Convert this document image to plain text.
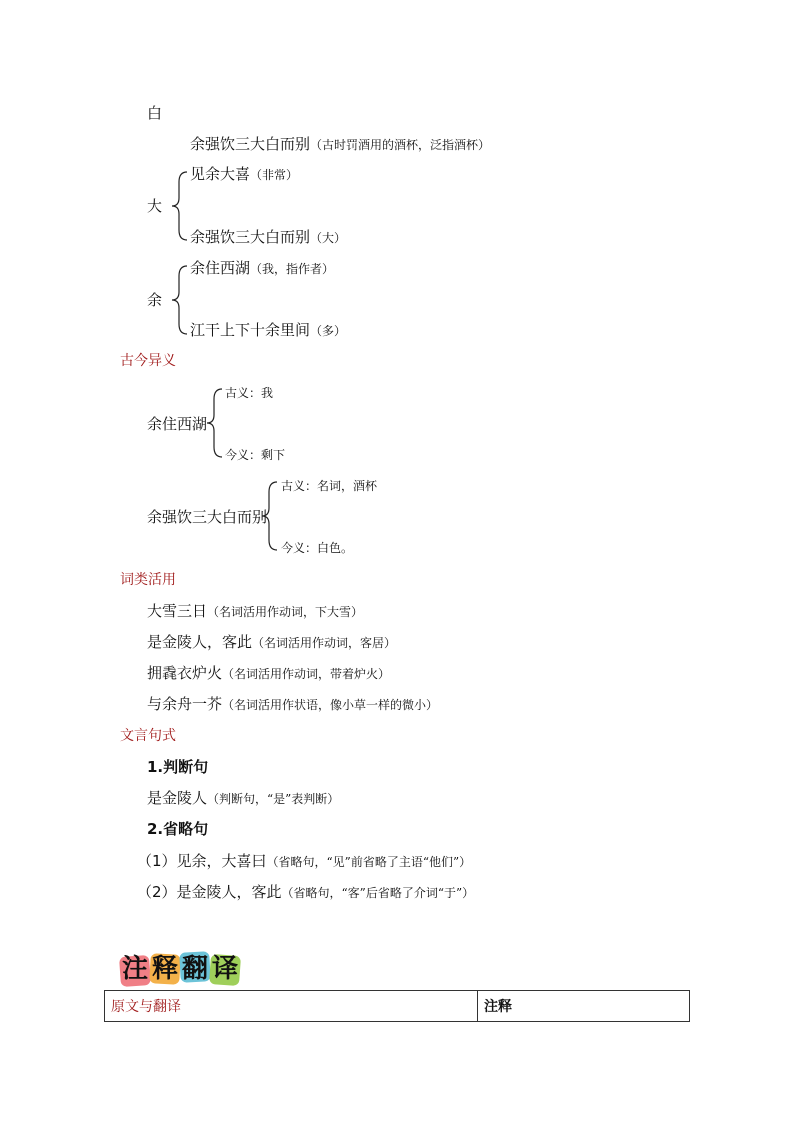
白
余强饮三大白而别（古时罚酒用的酒杯，泛指酒杯）
大
见余大喜（非常）
余强饮三大白而别（大）
余
余住西湖（我，指作者）
江干上下十余里间（多）
古今异义
余住西湖
古义：我
今义：剩下
余强饮三大白而别
古义：名词，酒杯
今义：白色。
词类活用
大雪三日（名词活用作动词，下大雪）
是金陵人，客此（名词活用作动词，客居）
拥毳衣炉火（名词活用作动词，带着炉火）
与余舟一芥（名词活用作状语，像小草一样的微小）
文言句式
1.判断句
是金陵人（判断句，“是”表判断）
2.省略句
（1）见余，大喜曰（省略句，“见”前省略了主语“他们”）
（2）是金陵人，客此（省略句，“客”后省略了介词“于”）
注 释 翻 译
原文与翻译	注释
